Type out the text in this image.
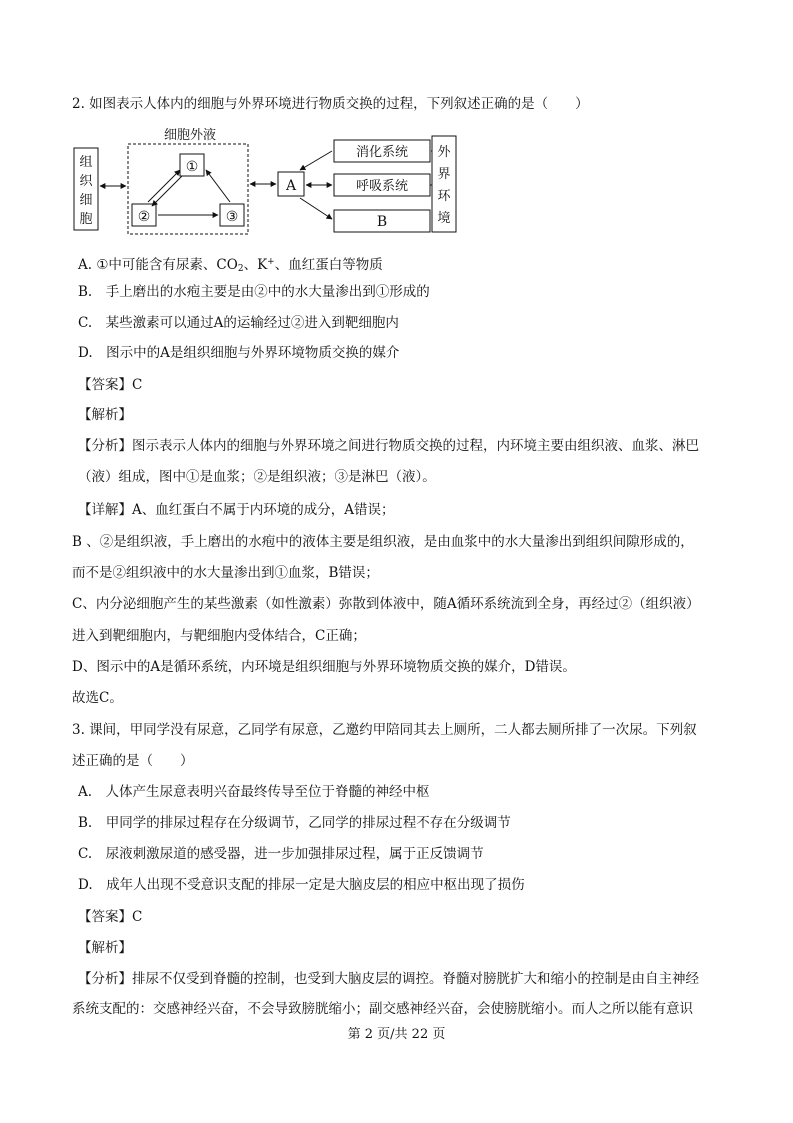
2. 如图表示人体内的细胞与外界环境进行物质交换的过程，下列叙述正确的是（　　）
组
织
细
胞
细胞外液
①
②	③
A
消化系统
呼吸系统
B
外
界
环
境
A. ①中可能含有尿素、$CO_2$、K+、血红蛋白等物质
B.　手上磨出的水疱主要是由②中的水大量渗出到①形成的
C.　某些激素可以通过A的运输经过②进入到靶细胞内
D.　图示中的A是组织细胞与外界环境物质交换的媒介
【答案】C
【解析】
【分析】图示表示人体内的细胞与外界环境之间进行物质交换的过程，内环境主要由组织液、血浆、淋巴
（液）组成，图中①是血浆；②是组织液；③是淋巴（液）。
【详解】A、血红蛋白不属于内环境的成分，A错误；
B 、②是组织液，手上磨出的水疱中的液体主要是组织液，是由血浆中的水大量渗出到组织间隙形成的，
而不是②组织液中的水大量渗出到①血浆，B错误；
C、内分泌细胞产生的某些激素（如性激素）弥散到体液中，随A循环系统流到全身，再经过②（组织液）
进入到靶细胞内，与靶细胞内受体结合，C正确；
D、图示中的A是循环系统，内环境是组织细胞与外界环境物质交换的媒介，D错误。
故选C。
3. 课间，甲同学没有尿意，乙同学有尿意，乙邀约甲陪同其去上厕所，二人都去厕所排了一次尿。下列叙
述正确的是（　　）
A.　人体产生尿意表明兴奋最终传导至位于脊髓的神经中枢
B.　甲同学的排尿过程存在分级调节，乙同学的排尿过程不存在分级调节
C.　尿液刺激尿道的感受器，进一步加强排尿过程，属于正反馈调节
D.　成年人出现不受意识支配的排尿一定是大脑皮层的相应中枢出现了损伤
【答案】C
【解析】
【分析】排尿不仅受到脊髓的控制，也受到大脑皮层的调控。脊髓对膀胱扩大和缩小的控制是由自主神经
系统支配的：交感神经兴奋，不会导致膀胱缩小；副交感神经兴奋，会使膀胱缩小。而人之所以能有意识
第 2 页/共 22 页
